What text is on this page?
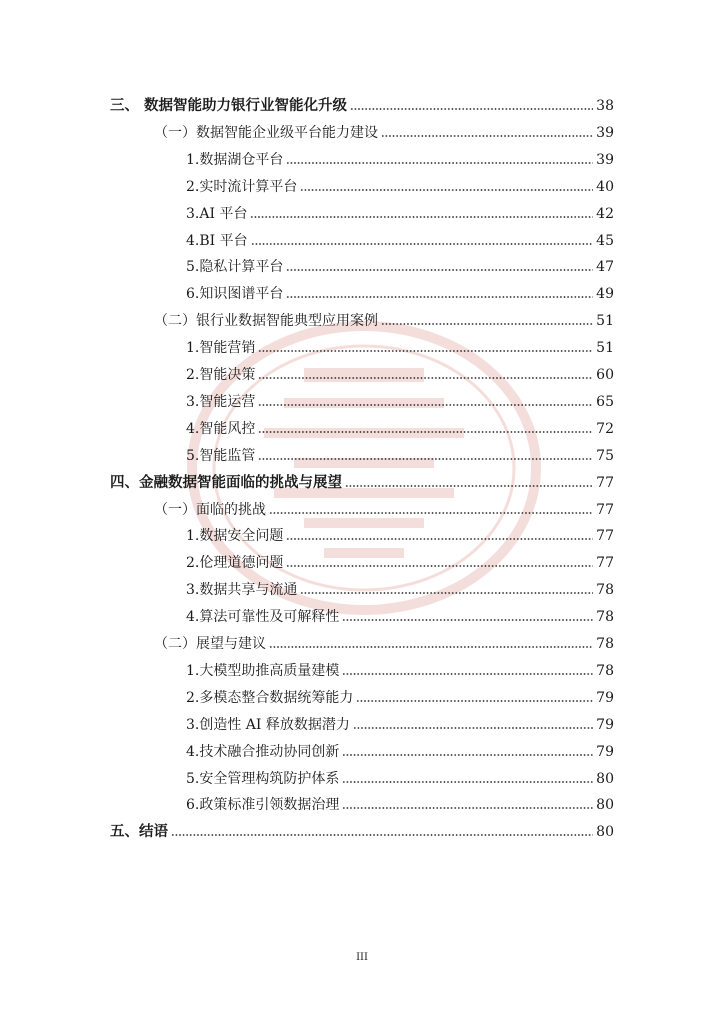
三、 数据智能助力银行业智能化升级	38
（一）数据智能企业级平台能力建设	39
1.数据湖仓平台	39
2.实时流计算平台	40
3.AI 平台	42
4.BI 平台	45
5.隐私计算平台	47
6.知识图谱平台	49
（二）银行业数据智能典型应用案例	51
1.智能营销	51
2.智能决策	60
3.智能运营	65
4.智能风控	72
5.智能监管	75
四、金融数据智能面临的挑战与展望	77
（一）面临的挑战	77
1.数据安全问题	77
2.伦理道德问题	77
3.数据共享与流通	78
4.算法可靠性及可解释性	78
（二）展望与建议	78
1.大模型助推高质量建模	78
2.多模态整合数据统筹能力	79
3.创造性 AI 释放数据潜力	79
4.技术融合推动协同创新	79
5.安全管理构筑防护体系	80
6.政策标准引领数据治理	80
五、结语	80
III
